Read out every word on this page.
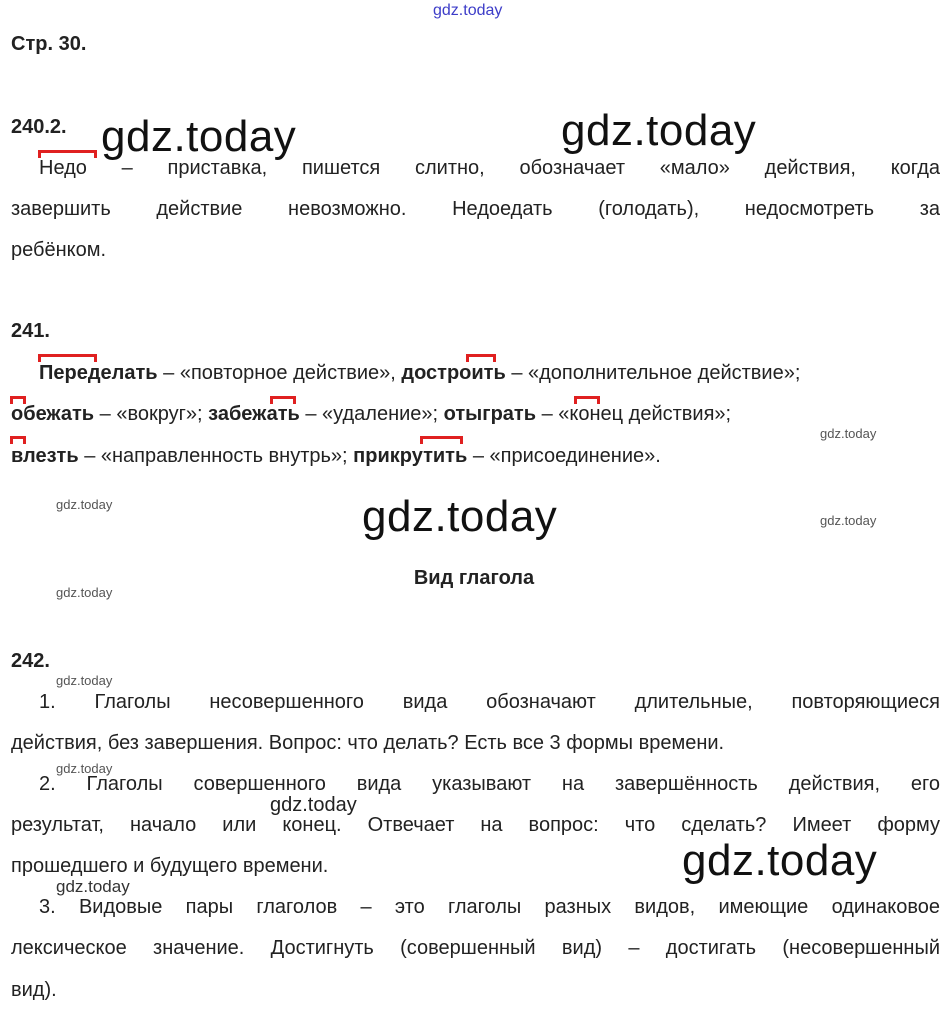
gdz.today
Стр. 30.
240.2. gdz.today	gdz.today
Недо – приставка, пишется слитно, обозначает «мало» действия, когда
завершить действие невозможно. Недоедать (голодать), недосмотреть за
ребёнком.
241.
Переделать – «повторное действие», достроить – «дополнительное действие»;
обежать – «вокруг»; забежать – «удаление»; отыграть – «конец действия»;
gdz.today
влезть – «направленность внутрь»; прикрутить – «присоединение».
gdz.today	gdz.today	gdz.today
Вид глагола
gdz.today
242.
gdz.today
1. Глаголы несовершенного вида обозначают длительные, повторяющиеся
действия, без завершения. Вопрос: что делать? Есть все 3 формы времени.
gdz.today
2. Глаголы совершенного вида указывают на завершённость действия, его
gdz.today
результат, начало или конец. Отвечает на вопрос: что сделать? Имеет форму
прошедшего и будущего времени.	gdz.today
gdz.today
3. Видовые пары глаголов – это глаголы разных видов, имеющие одинаковое
лексическое значение. Достигнуть (совершенный вид) – достигать (несовершенный
вид).
